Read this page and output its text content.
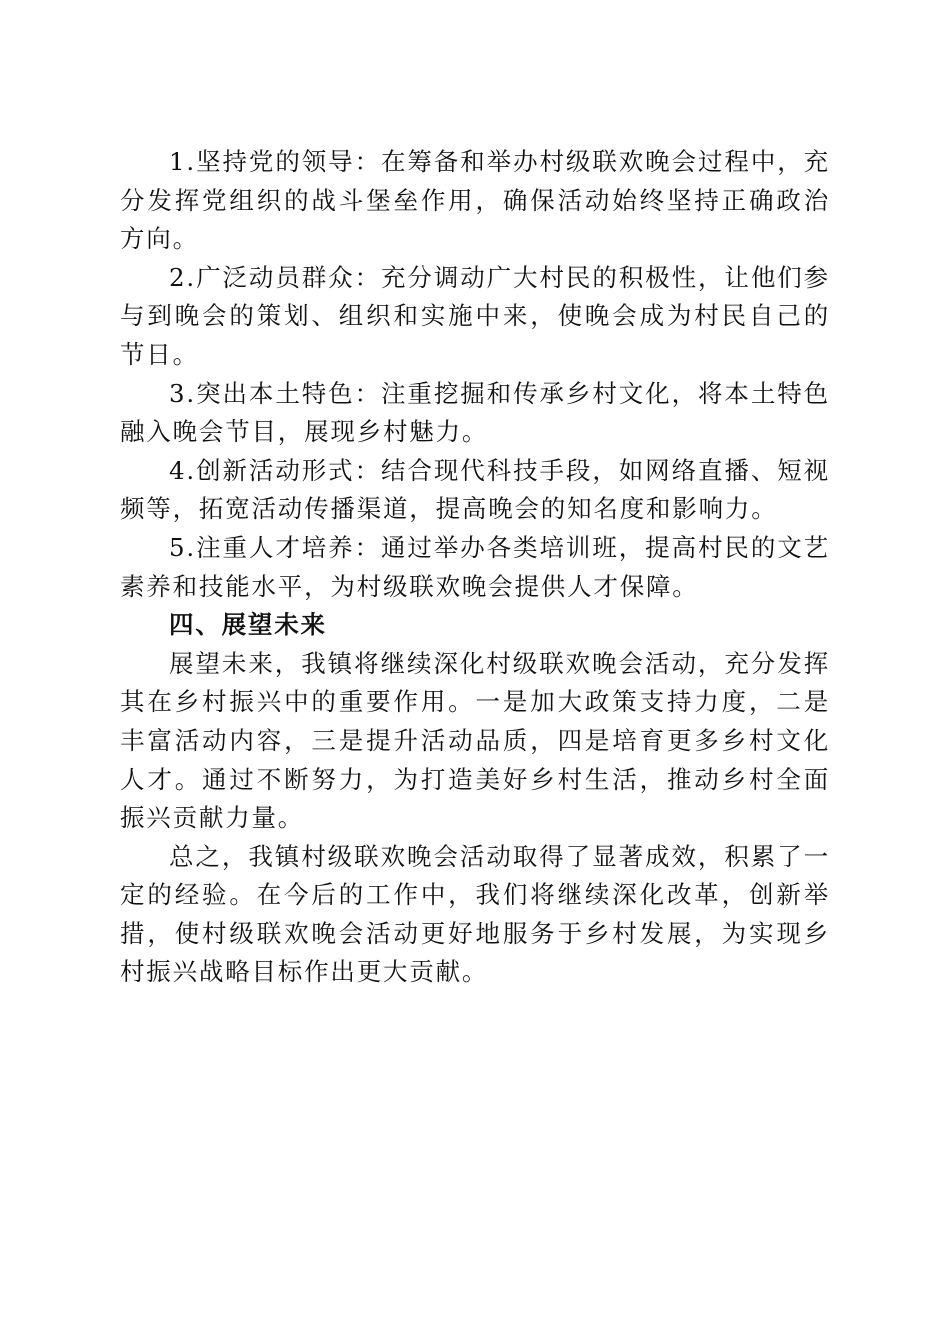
1.坚持党的领导：在筹备和举办村级联欢晚会过程中，充分发挥党组织的战斗堡垒作用，确保活动始终坚持正确政治方向。

2.广泛动员群众：充分调动广大村民的积极性，让他们参与到晚会的策划、组织和实施中来，使晚会成为村民自己的节日。

3.突出本土特色：注重挖掘和传承乡村文化，将本土特色融入晚会节目，展现乡村魅力。

4.创新活动形式：结合现代科技手段，如网络直播、短视频等，拓宽活动传播渠道，提高晚会的知名度和影响力。

5.注重人才培养：通过举办各类培训班，提高村民的文艺素养和技能水平，为村级联欢晚会提供人才保障。

四、展望未来

展望未来，我镇将继续深化村级联欢晚会活动，充分发挥其在乡村振兴中的重要作用。一是加大政策支持力度，二是丰富活动内容，三是提升活动品质，四是培育更多乡村文化人才。通过不断努力，为打造美好乡村生活，推动乡村全面振兴贡献力量。

总之，我镇村级联欢晚会活动取得了显著成效，积累了一定的经验。在今后的工作中，我们将继续深化改革，创新举措，使村级联欢晚会活动更好地服务于乡村发展，为实现乡村振兴战略目标作出更大贡献。
